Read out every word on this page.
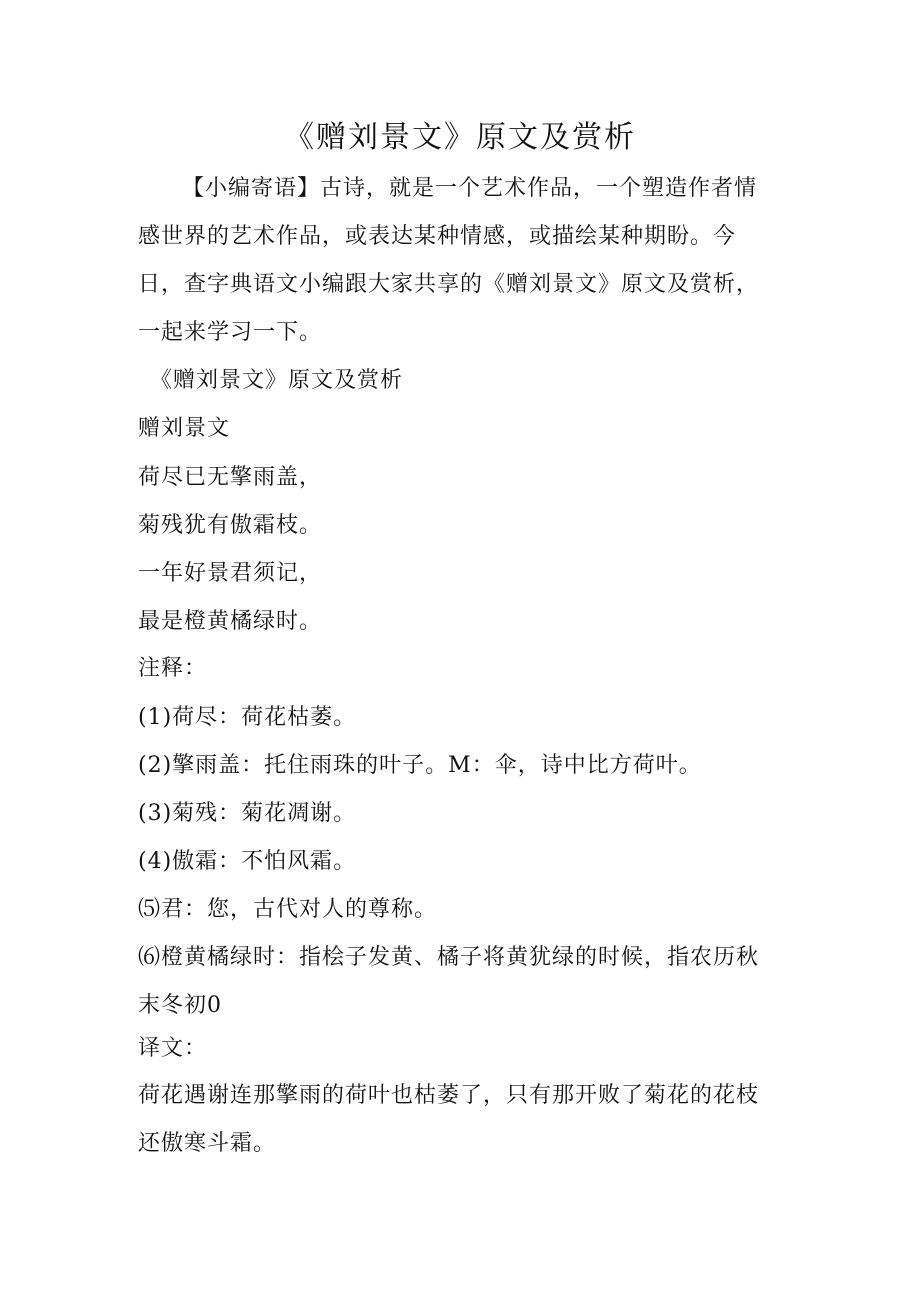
《赠刘景文》原文及赏析
【小编寄语】古诗，就是一个艺术作品，一个塑造作者情感世界的艺术作品，或表达某种情感，或描绘某种期盼。今日，查字典语文小编跟大家共享的《赠刘景文》原文及赏析，一起来学习一下。
《赠刘景文》原文及赏析
赠刘景文
荷尽已无擎雨盖，
菊残犹有傲霜枝。
一年好景君须记，
最是橙黄橘绿时。
注释：
(1)荷尽：荷花枯萎。
(2)擎雨盖：托住雨珠的叶子。M：伞，诗中比方荷叶。
(3)菊残：菊花凋谢。
(4)傲霜：不怕风霜。
⑸君：您，古代对人的尊称。
⑹橙黄橘绿时：指桧子发黄、橘子将黄犹绿的时候，指农历秋末冬初0
译文：
荷花遇谢连那擎雨的荷叶也枯萎了，只有那开败了菊花的花枝还傲寒斗霜。
